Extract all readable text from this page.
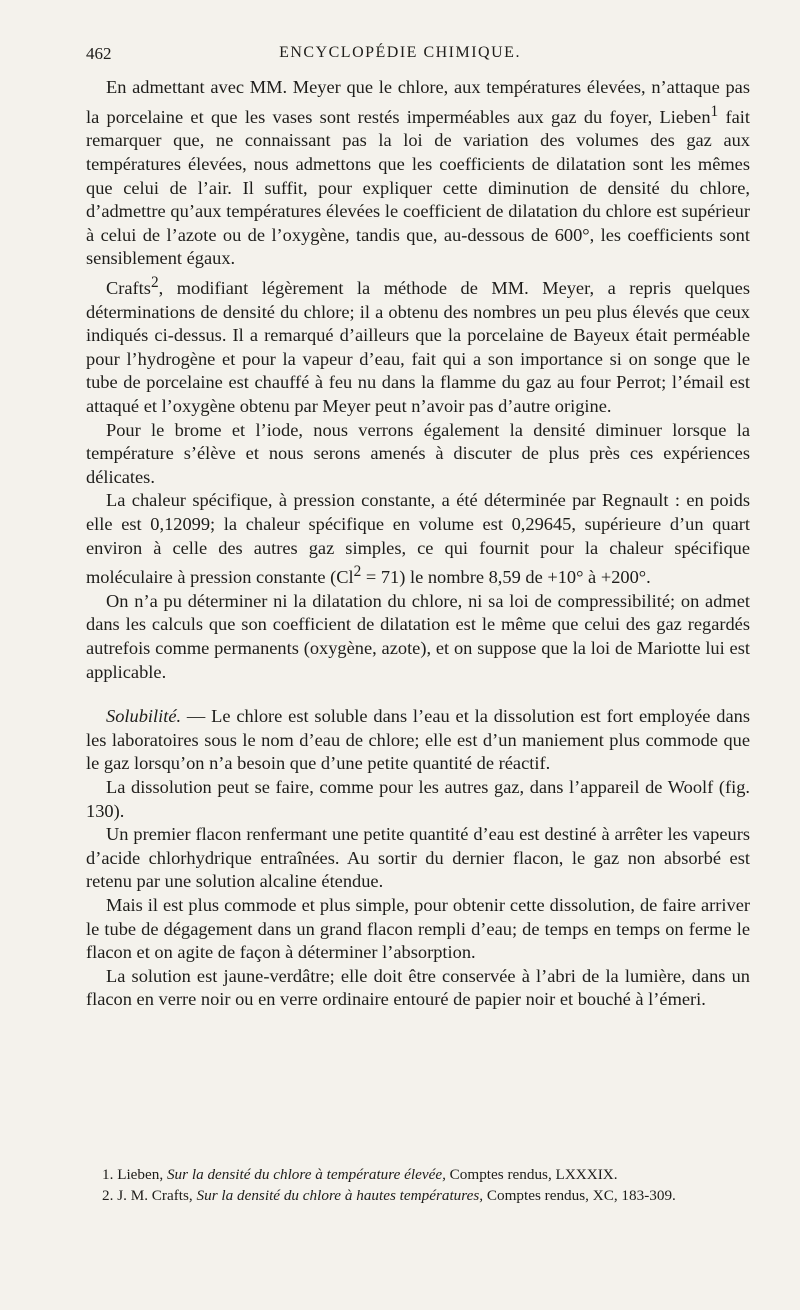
462	ENCYCLOPÉDIE CHIMIQUE.

En admettant avec MM. Meyer que le chlore, aux températures élevées, n’attaque pas la porcelaine et que les vases sont restés imperméables aux gaz du foyer, Lieben$^1$ fait remarquer que, ne connaissant pas la loi de variation des volumes des gaz aux températures élevées, nous admettons que les coefficients de dilatation sont les mêmes que celui de l’air. Il suffit, pour expliquer cette diminution de densité du chlore, d’admettre qu’aux températures élevées le coefficient de dilatation du chlore est supérieur à celui de l’azote ou de l’oxygène, tandis que, au-dessous de 600°, les coefficients sont sensiblement égaux.

Crafts$^2$, modifiant légèrement la méthode de MM. Meyer, a repris quelques déterminations de densité du chlore; il a obtenu des nombres un peu plus élevés que ceux indiqués ci-dessus. Il a remarqué d’ailleurs que la porcelaine de Bayeux était perméable pour l’hydrogène et pour la vapeur d’eau, fait qui a son importance si on songe que le tube de porcelaine est chauffé à feu nu dans la flamme du gaz au four Perrot; l’émail est attaqué et l’oxygène obtenu par Meyer peut n’avoir pas d’autre origine.

Pour le brome et l’iode, nous verrons également la densité diminuer lorsque la température s’élève et nous serons amenés à discuter de plus près ces expériences délicates.

La chaleur spécifique, à pression constante, a été déterminée par Regnault : en poids elle est 0,12099; la chaleur spécifique en volume est 0,29645, supérieure d’un quart environ à celle des autres gaz simples, ce qui fournit pour la chaleur spécifique moléculaire à pression constante $(Cl^2 = 71)$ le nombre 8,59 de +10° à +200°.

On n’a pu déterminer ni la dilatation du chlore, ni sa loi de compressibilité; on admet dans les calculs que son coefficient de dilatation est le même que celui des gaz regardés autrefois comme permanents (oxygène, azote), et on suppose que la loi de Mariotte lui est applicable.

Solubilité. — Le chlore est soluble dans l’eau et la dissolution est fort employée dans les laboratoires sous le nom d’eau de chlore; elle est d’un maniement plus commode que le gaz lorsqu’on n’a besoin que d’une petite quantité de réactif.

La dissolution peut se faire, comme pour les autres gaz, dans l’appareil de Woolf (fig. 130).

Un premier flacon renfermant une petite quantité d’eau est destiné à arrêter les vapeurs d’acide chlorhydrique entraînées. Au sortir du dernier flacon, le gaz non absorbé est retenu par une solution alcaline étendue.

Mais il est plus commode et plus simple, pour obtenir cette dissolution, de faire arriver le tube de dégagement dans un grand flacon rempli d’eau; de temps en temps on ferme le flacon et on agite de façon à déterminer l’absorption.

La solution est jaune-verdâtre; elle doit être conservée à l’abri de la lumière, dans un flacon en verre noir ou en verre ordinaire entouré de papier noir et bouché à l’émeri.

1. Lieben, Sur la densité du chlore à température élevée, Comptes rendus, LXXXIX.
2. J. M. Crafts, Sur la densité du chlore à hautes températures, Comptes rendus, XC, 183-309.
